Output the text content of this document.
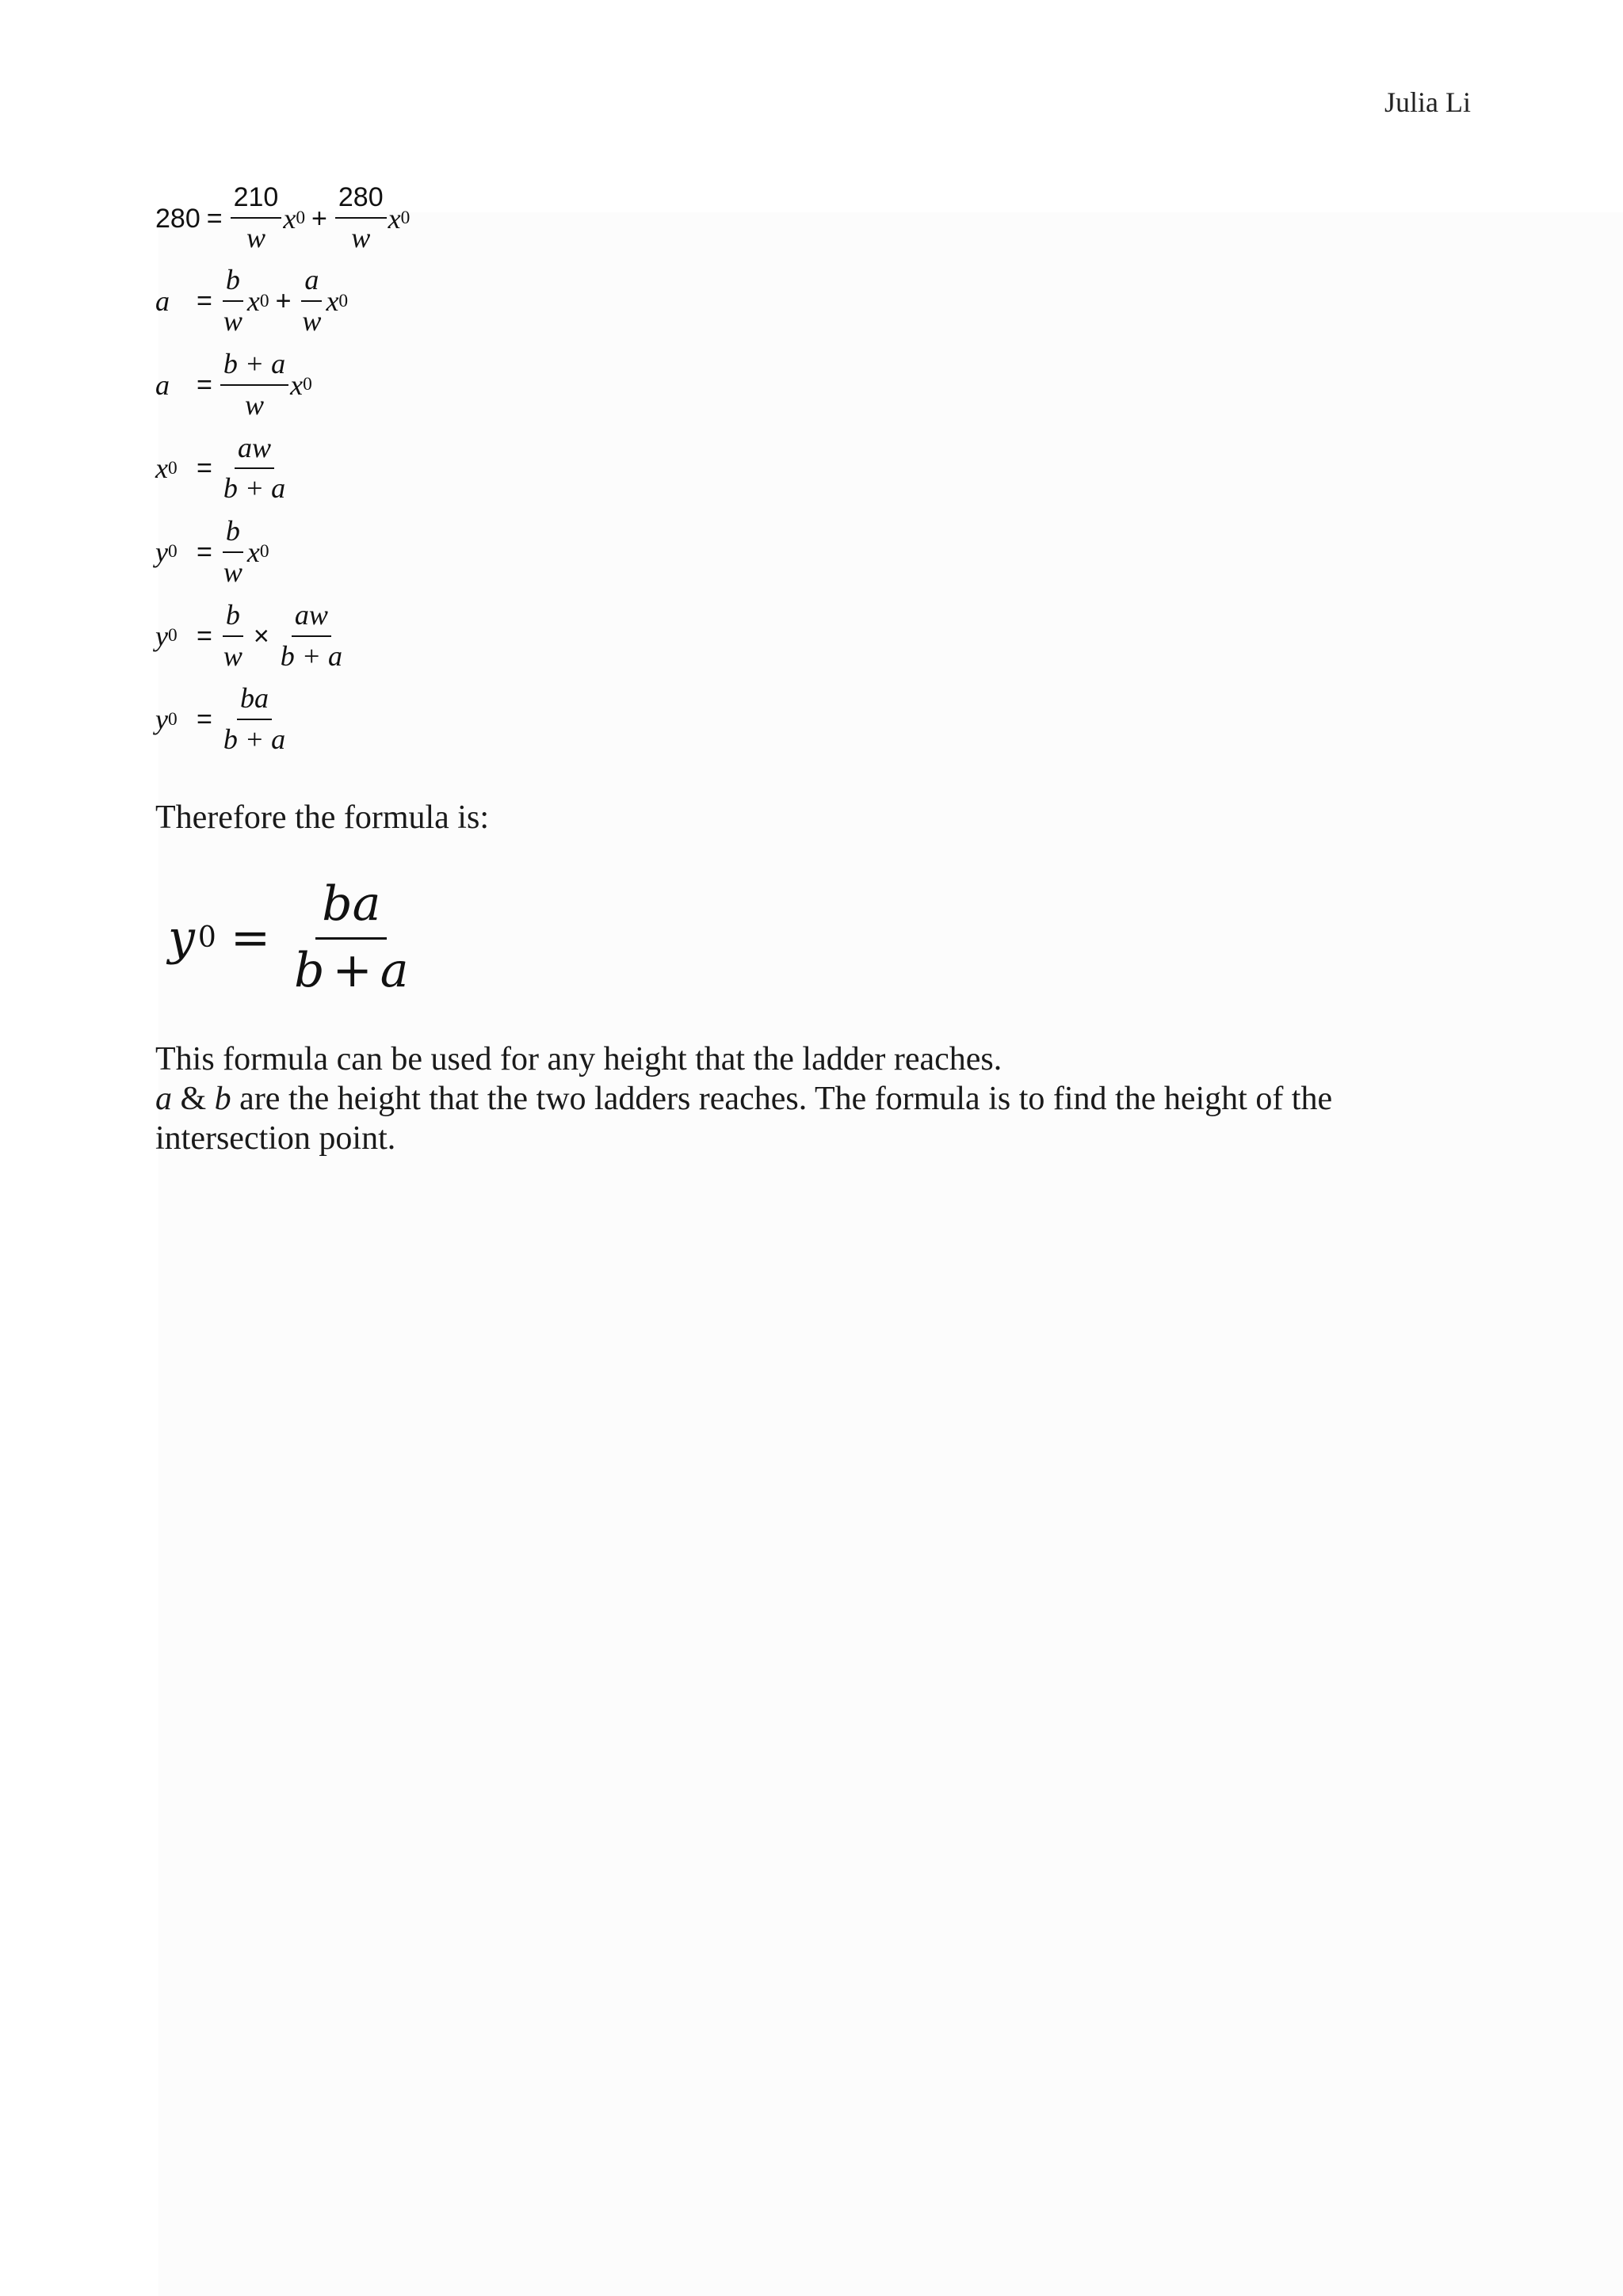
Julia Li
$280 = \frac{210}{w}$ x $0 + \frac{280}{w}$ x 0
$a = \frac{b}{w}$ x $0 + \frac{a}{w}$ x 0
$a = \frac{b + a}{w}$ x 0
x $0 = \frac{aw}{b + a}$
y $0 = \frac{b}{w}$ x 0
y $0 = \frac{b}{w} \times \frac{aw}{b + a}$
y $0 = \frac{ba}{b + a}$
Therefore the formula is:
y $0 = \frac{ba}{b + a}$

This formula can be used for any height that the ladder reaches.

a & b are the height that the two ladders reaches. The formula is to find the height of the intersection point.
